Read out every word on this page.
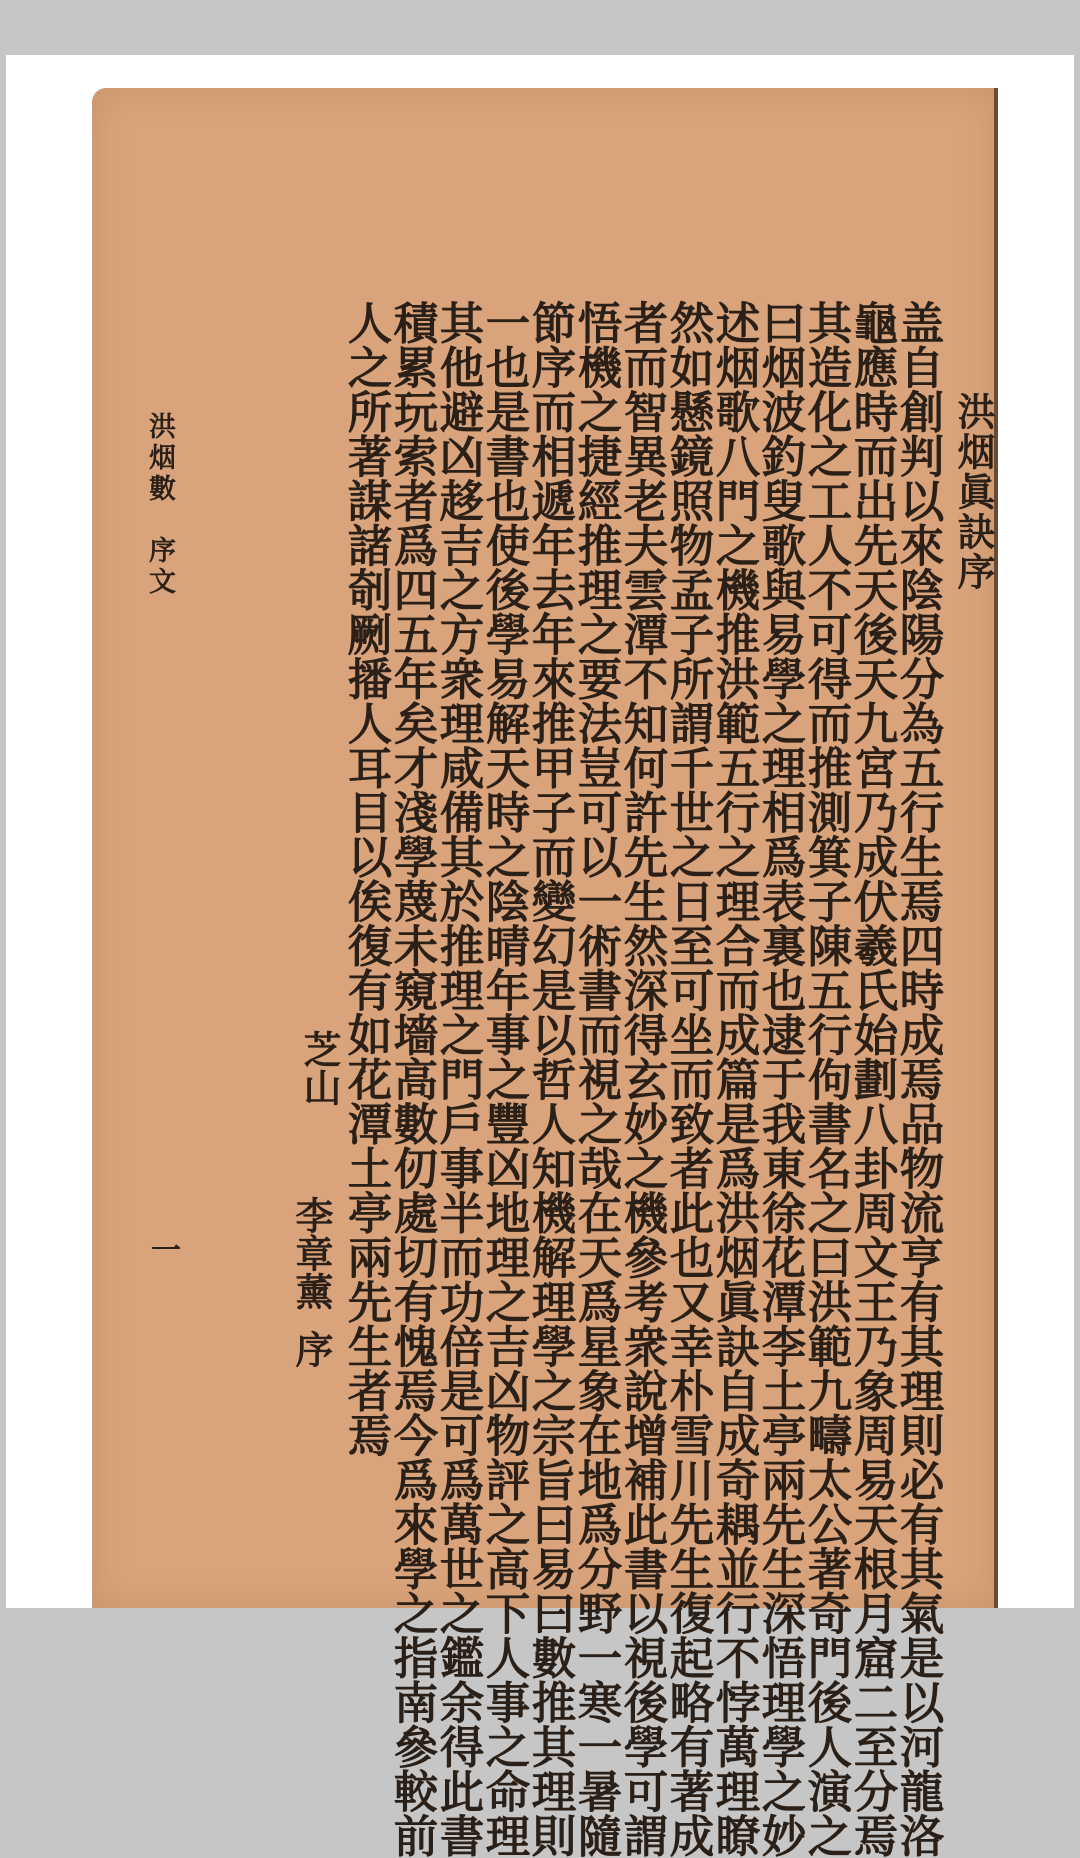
洪烟眞訣序
盖自創判以來陰陽分為五行生焉四時成焉品物流亨有其理則必有其氣是以河龍洛
龜應時而出先天後天九宮乃成伏羲氏始劃八卦周文王乃象周易天根月窟二至分焉
其造化之工人不可得而推測箕子陳五行佝書名之曰洪範九疇太公著奇門後人演之
曰烟波釣叟歌與易學之理相爲表裏也逮于我東徐花潭李土亭兩先生深悟理學之妙
述烟歌八門之機推洪範五行之理合而成篇是爲洪烟眞訣自成奇耦並行不悖萬理瞭
然如懸鏡照物孟子所謂千世之日至可坐而致者此也又幸朴雪川先生復起略有著成
者而智異老夫雲潭不知何許先生然深得玄妙之機參考衆說增補此書以視後學可謂
悟機之捷經推理之要法豈可以一術書而視之哉在天爲星象在地爲分野一寒一暑隨
節序而相遞年去年來推甲子而變幻是以哲人知機解理學之宗旨曰易曰數推其理則
一也是書也使後學易解天時之陰晴年事之豐凶地理之吉凶物評之高下人事之命理
其他避凶趍吉之方衆理咸備其於推理之門戶事半而功倍是可爲萬世之鑑余得此書
積累玩索者爲四五年矣才淺學蔑未窺墻高數仞處切有愧焉今爲來學之指南參較前
人之所著謀諸剞劂播人耳目以俟復有如花潭土亭兩先生者焉
芝山
李章薰
序
洪烟數　序文
一
